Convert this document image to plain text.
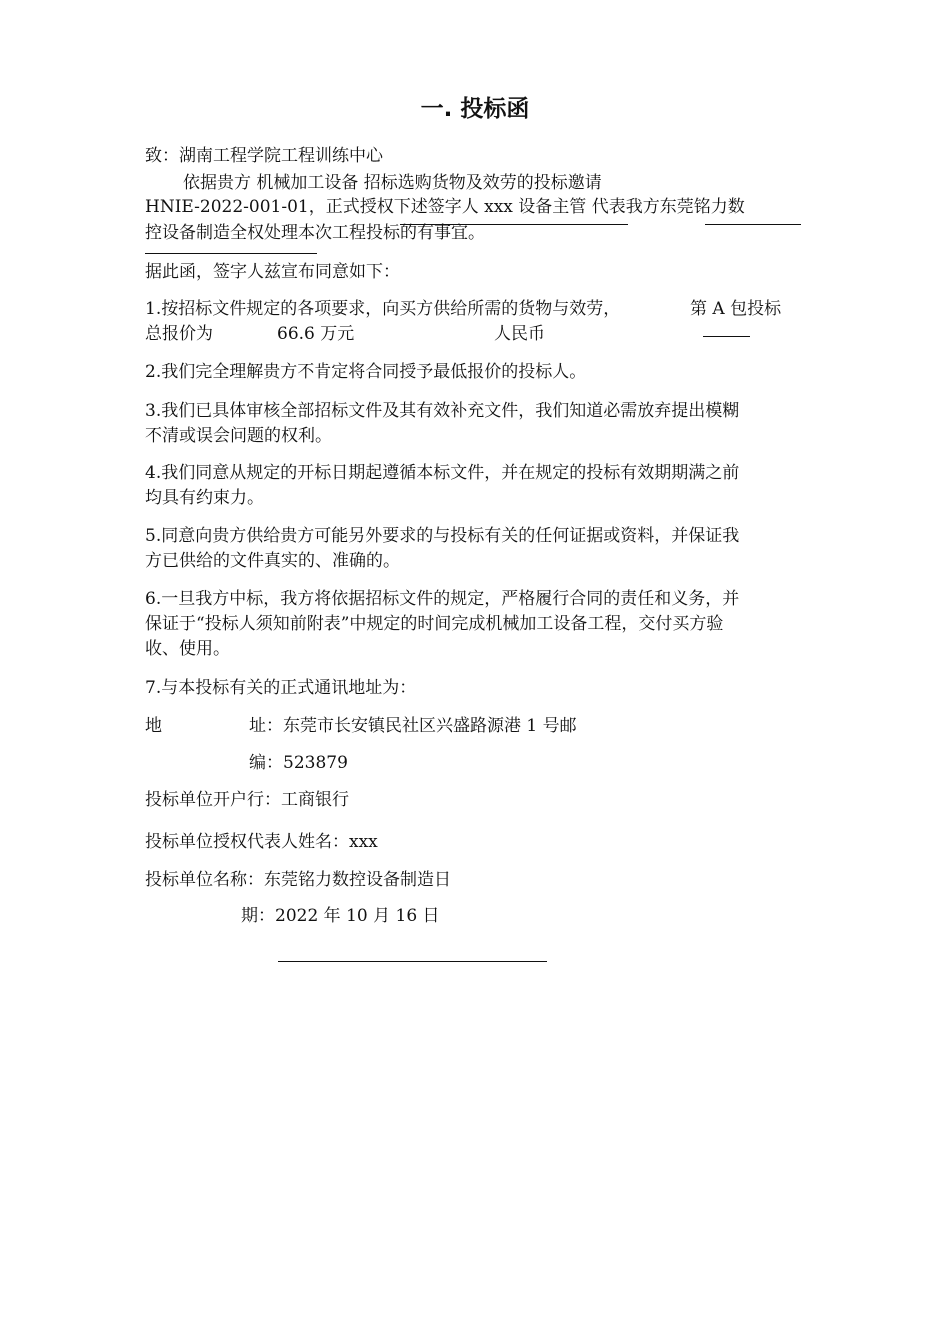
一. 投标函
致：湖南工程学院工程训练中心
依据贵方 机械加工设备 招标选购货物及效劳的投标邀请
HNIE-2022-001-01，正式授权下述签字人 xxx 设备主管 代表我方东莞铭力数
控设备制造全权处理本次工程投标的有事宜。
据此函，签字人兹宣布同意如下：
1.按招标文件规定的各项要求，向买方供给所需的货物与效劳，	第 A 包投标
总报价为	66.6 万元	人民币
2.我们完全理解贵方不肯定将合同授予最低报价的投标人。
3.我们已具体审核全部招标文件及其有效补充文件，我们知道必需放弃提出模糊
不清或误会问题的权利。
4.我们同意从规定的开标日期起遵循本标文件，并在规定的投标有效期期满之前
均具有约束力。
5.同意向贵方供给贵方可能另外要求的与投标有关的任何证据或资料，并保证我
方已供给的文件真实的、准确的。
6.一旦我方中标，我方将依据招标文件的规定，严格履行合同的责任和义务，并
保证于“投标人须知前附表”中规定的时间完成机械加工设备工程，交付买方验
收、使用。
7.与本投标有关的正式通讯地址为：
地	址：东莞市长安镇民社区兴盛路源港 1 号邮
编：523879
投标单位开户行：工商银行
投标单位授权代表人姓名：xxx
投标单位名称：东莞铭力数控设备制造日
期：2022 年 10 月 16 日
